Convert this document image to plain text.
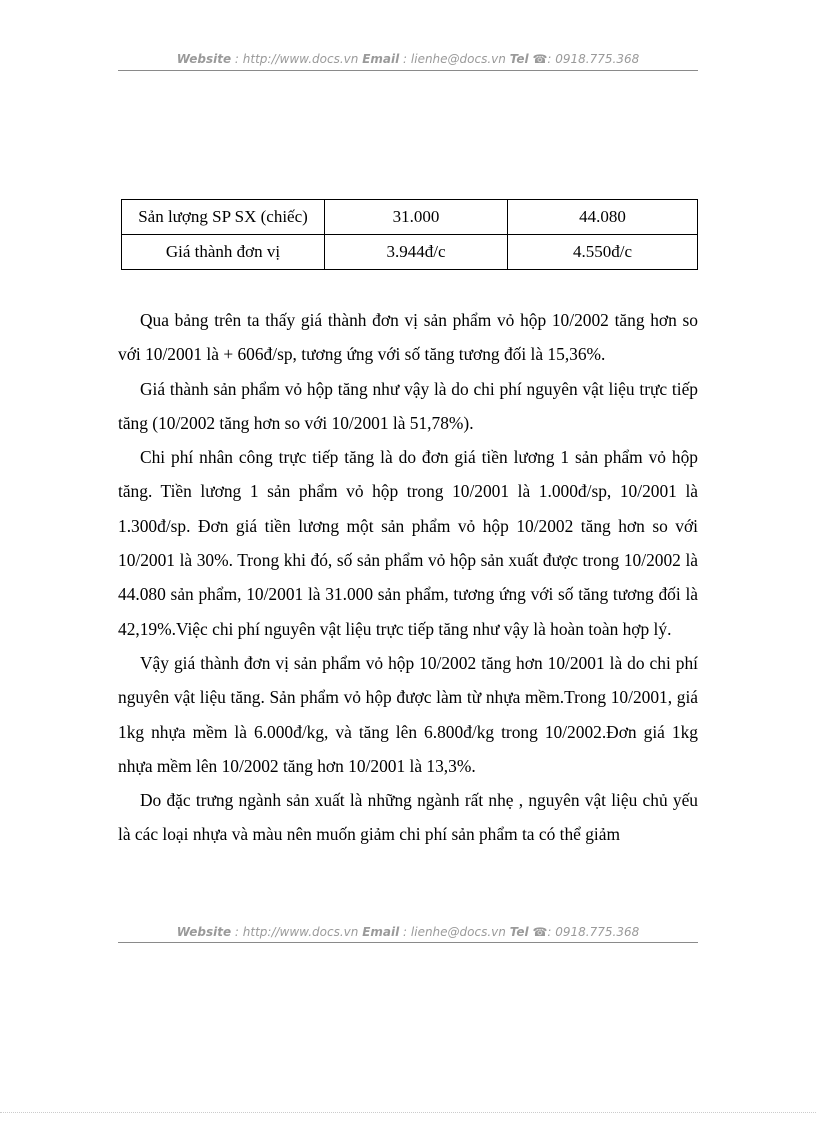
Website : http://www.docs.vn Email : lienhe@docs.vn Tel ☎: 0918.775.368
Sản lượng SP SX (chiếc)	31.000	44.080
Giá thành đơn vị	3.944đ/c	4.550đ/c

Qua bảng trên ta thấy giá thành đơn vị sản phẩm vỏ hộp 10/2002 tăng hơn so với 10/2001 là + 606đ/sp, tương ứng với số tăng tương đối là 15,36%.

Giá thành sản phẩm vỏ hộp tăng như vậy là do chi phí nguyên vật liệu trực tiếp tăng (10/2002 tăng hơn so với 10/2001 là 51,78%).

Chi phí nhân công trực tiếp tăng là do đơn giá tiền lương 1 sản phẩm vỏ hộp tăng. Tiền lương 1 sản phẩm vỏ hộp trong 10/2001 là 1.000đ/sp, 10/2001 là 1.300đ/sp. Đơn giá tiền lương một sản phẩm vỏ hộp 10/2002 tăng hơn so với 10/2001 là 30%. Trong khi đó, số sản phẩm vỏ hộp sản xuất được trong 10/2002 là 44.080 sản phẩm, 10/2001 là 31.000 sản phẩm, tương ứng với số tăng tương đối là 42,19%.Việc chi phí nguyên vật liệu trực tiếp tăng như vậy là hoàn toàn hợp lý.

Vậy giá thành đơn vị sản phẩm vỏ hộp 10/2002 tăng hơn 10/2001 là do chi phí nguyên vật liệu tăng. Sản phẩm vỏ hộp được làm từ nhựa mềm.Trong 10/2001, giá 1kg nhựa mềm là 6.000đ/kg, và tăng lên 6.800đ/kg trong 10/2002.Đơn giá 1kg nhựa mềm lên 10/2002 tăng hơn 10/2001 là 13,3%.

Do đặc trưng ngành sản xuất là những ngành rất nhẹ , nguyên vật liệu chủ yếu là các loại nhựa và màu nên muốn giảm chi phí sản phẩm ta có thể giảm

Website : http://www.docs.vn Email : lienhe@docs.vn Tel ☎: 0918.775.368
